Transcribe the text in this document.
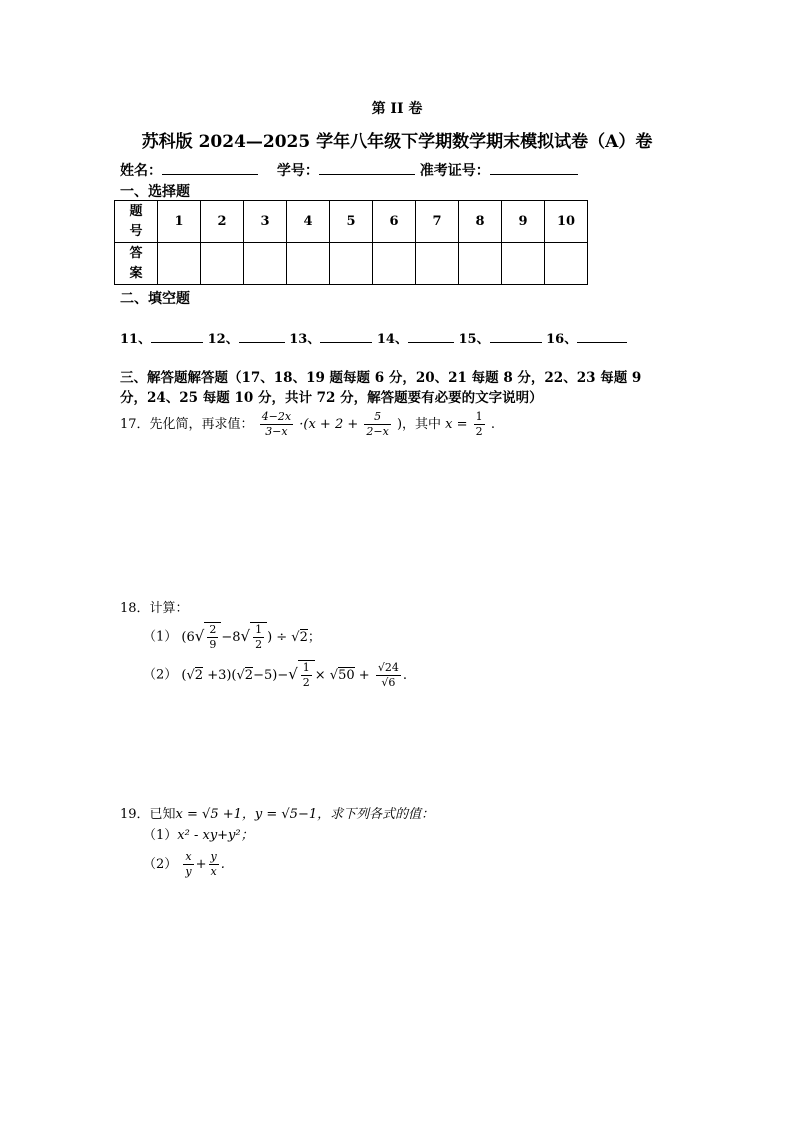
第 II 卷
苏科版 2024—2025 学年八年级下学期数学期末模拟试卷（A）卷
姓名：	学号：	准考证号：
一、选择题
题号	1	2	3	4	5	6	7	8	9	10
答案										
二、填空题
11、	12、	13、	14、	15、	16、
三、解答题解答题（17、18、19 题每题 6 分，20、21 每题 8 分，22、23 每题 9
分，24、25 每题 10 分，共计 72 分，解答题要有必要的文字说明）
17．先化简，再求值： $\frac{4-2x}{3-x} \cdot(x + 2 + \frac{5}{2-x}$ )，其中 $x = \frac{1}{2}$ .
18．计算：
（1） ($6√ \frac{2}{9} -8√ \frac{1}{2}$ ) ÷ √2；
（2） $(√2 +3)(√2-5)-√ \frac{1}{2} \times √50 + \frac{√24}{√6}$ .
19．已知x = √5 +1，y = √5−1，求下列各式的值：
（1）x² - xy+y²；
$(2) \frac{x}{y} + \frac{y}{x}$ .
